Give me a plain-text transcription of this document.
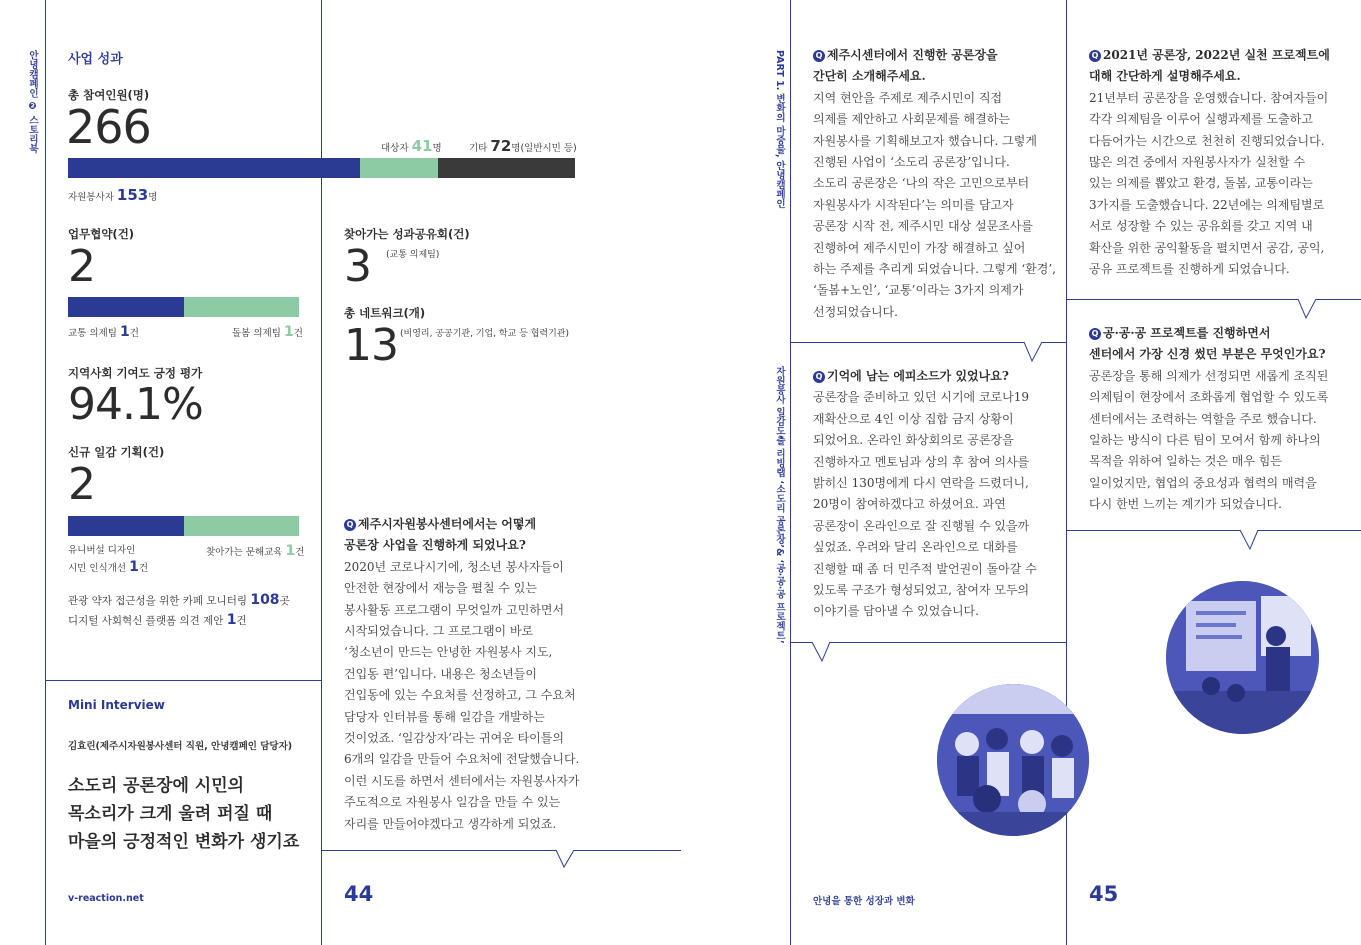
안녕캠페인 ❷ 스토리북 사업 성과
총 참여인원(명)
266	대상자 41명	기타 72명(일반시민 등)
자원봉사자 153명
업무협약(건)
2
교통 의제팀 1건	돌봄 의제팀 1건
지역사회 기여도 긍정 평가
94.1%
신규 일감 기획(건)
2
유니버설 디자인
시민 인식개선 1건
찾아가는 문해교육 1건
관광 약자 접근성을 위한 카페 모니터링 108곳
디지털 사회혁신 플랫폼 의견 제안 1건
찾아가는 성과공유회(건)
3 (교통 의제팀)
총 네트워크(개)
13 (비영리, 공공기관, 기업, 학교 등 협력기관)
Mini Interview
김효린(제주시자원봉사센터 직원, 안녕캠페인 담당자)
소도리 공론장에 시민의
목소리가 크게 울려 퍼질 때
마을의 긍정적인 변화가 생기죠
Q 제주시자원봉사센터에서는 어떻게
공론장 사업을 진행하게 되었나요?
2020년 코로나시기에, 청소년 봉사자들이
안전한 현장에서 재능을 펼칠 수 있는
봉사활동 프로그램이 무엇일까 고민하면서
시작되었습니다. 그 프로그램이 바로
‘청소년이 만드는 안녕한 자원봉사 지도,
건입동 편’입니다. 내용은 청소년들이
건입동에 있는 수요처를 선정하고, 그 수요처
담당자 인터뷰를 통해 일감을 개발하는
것이었죠. ‘일감상자’라는 귀여운 타이틀의
6개의 일감을 만들어 수요처에 전달했습니다.
이런 시도를 하면서 센터에서는 자원봉사자가
주도적으로 자원봉사 일감을 만들 수 있는
자리를 만들어야겠다고 생각하게 되었죠.
v-reaction.net	44
PART 1. 변화의 마중물, 안녕캠페인
자원봉사 일감도출 리빙랩 ‘소도리 공론장’& ‘공·공·공 프로젝트’
Q 제주시센터에서 진행한 공론장을
간단히 소개해주세요.
지역 현안을 주제로 제주시민이 직접
의제를 제안하고 사회문제를 해결하는
자원봉사를 기획해보고자 했습니다. 그렇게
진행된 사업이 ‘소도리 공론장’입니다.
소도리 공론장은 ‘나의 작은 고민으로부터
자원봉사가 시작된다’는 의미를 담고자
공론장 시작 전, 제주시민 대상 설문조사를
진행하여 제주시민이 가장 해결하고 싶어
하는 주제를 추리게 되었습니다. 그렇게 ‘환경’,
‘돌봄+노인’, ‘교통’이라는 3가지 의제가
선정되었습니다.
Q 2021년 공론장, 2022년 실천 프로젝트에
대해 간단하게 설명해주세요.
21년부터 공론장을 운영했습니다. 참여자들이
각각 의제팀을 이루어 실행과제를 도출하고
다듬어가는 시간으로 천천히 진행되었습니다.
많은 의견 중에서 자원봉사자가 실천할 수
있는 의제를 뽑았고 환경, 돌봄, 교통이라는
3가지를 도출했습니다. 22년에는 의제팀별로
서로 성장할 수 있는 공유회를 갖고 지역 내
확산을 위한 공익활동을 펼치면서 공감, 공익,
공유 프로젝트를 진행하게 되었습니다.
Q 기억에 남는 에피소드가 있었나요?
공론장을 준비하고 있던 시기에 코로나19
재확산으로 4인 이상 집합 금지 상황이
되었어요. 온라인 화상회의로 공론장을
진행하자고 멘토님과 상의 후 참여 의사를
밝히신 130명에게 다시 연락을 드렸더니,
20명이 참여하겠다고 하셨어요. 과연
공론장이 온라인으로 잘 진행될 수 있을까
싶었죠. 우려와 달리 온라인으로 대화를
진행할 때 좀 더 민주적 발언권이 돌아갈 수
있도록 구조가 형성되었고, 참여자 모두의
이야기를 담아낼 수 있었습니다.
Q 공·공·공 프로젝트를 진행하면서
센터에서 가장 신경 썼던 부분은 무엇인가요?
공론장을 통해 의제가 선정되면 새롭게 조직된
의제팀이 현장에서 조화롭게 협업할 수 있도록
센터에서는 조력하는 역할을 주로 했습니다.
일하는 방식이 다른 팀이 모여서 함께 하나의
목적을 위하여 일하는 것은 매우 힘든
일이었지만, 협업의 중요성과 협력의 매력을
다시 한번 느끼는 계기가 되었습니다.
안녕을 통한 성장과 변화	45
